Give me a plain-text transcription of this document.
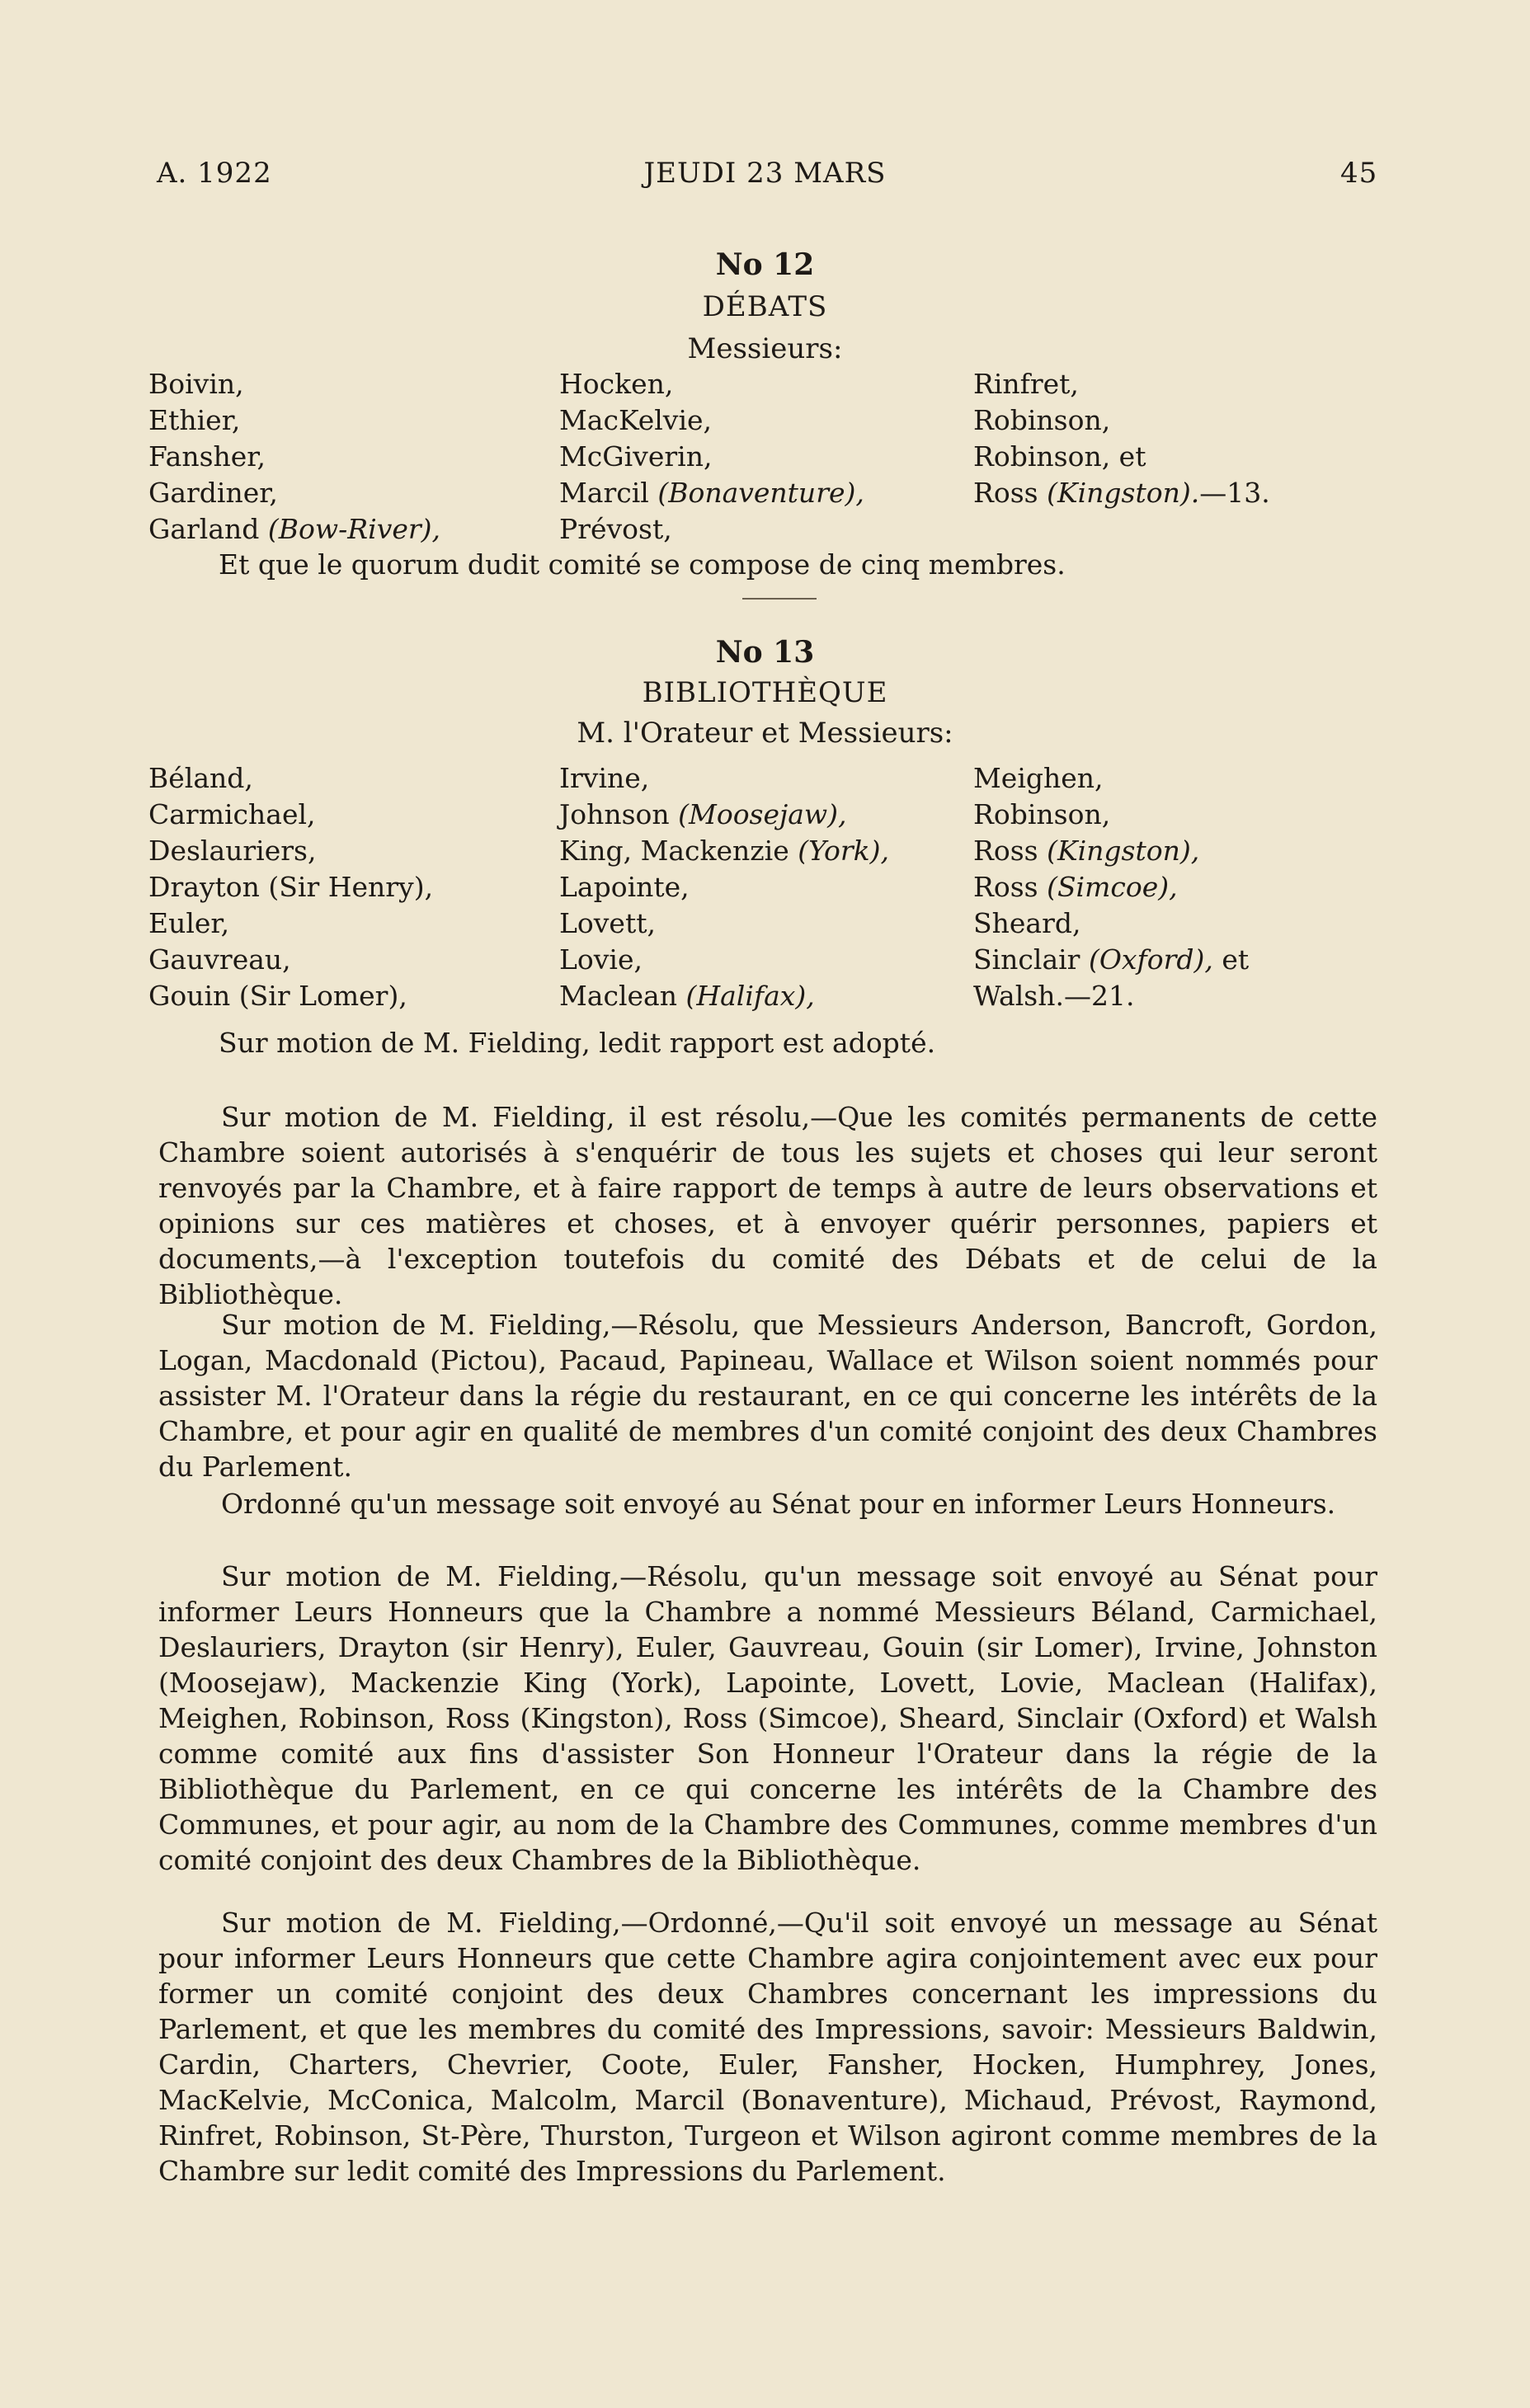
A. 1922	JEUDI 23 MARS	45
No 12
DÉBATS
Messieurs:
Boivin,
Ethier,
Fansher,
Gardiner,
Garland (Bow-River),
Hocken,
MacKelvie,
McGiverin,
Marcil (Bonaventure),
Prévost,
Rinfret,
Robinson,
Robinson, et
Ross (Kingston).—13.
Et que le quorum dudit comité se compose de cinq membres.
No 13
BIBLIOTHÈQUE
M. l'Orateur et Messieurs:
Béland,
Carmichael,
Deslauriers,
Drayton (Sir Henry),
Euler,
Gauvreau,
Gouin (Sir Lomer),
Irvine,
Johnson (Moosejaw),
King, Mackenzie (York),
Lapointe,
Lovett,
Lovie,
Maclean (Halifax),
Meighen,
Robinson,
Ross (Kingston),
Ross (Simcoe),
Sheard,
Sinclair (Oxford), et
Walsh.—21.
Sur motion de M. Fielding, ledit rapport est adopté.

Sur motion de M. Fielding, il est résolu,—Que les comités permanents de cette Chambre soient autorisés à s'enquérir de tous les sujets et choses qui leur seront renvoyés par la Chambre, et à faire rapport de temps à autre de leurs observations et opinions sur ces matières et choses, et à envoyer quérir personnes, papiers et documents,—à l'exception toutefois du comité des Débats et de celui de la Bibliothèque.

Sur motion de M. Fielding,—Résolu, que Messieurs Anderson, Bancroft, Gordon, Logan, Macdonald (Pictou), Pacaud, Papineau, Wallace et Wilson soient nommés pour assister M. l'Orateur dans la régie du restaurant, en ce qui concerne les intérêts de la Chambre, et pour agir en qualité de membres d'un comité conjoint des deux Chambres du Parlement.

Ordonné qu'un message soit envoyé au Sénat pour en informer Leurs Honneurs.

Sur motion de M. Fielding,—Résolu, qu'un message soit envoyé au Sénat pour informer Leurs Honneurs que la Chambre a nommé Messieurs Béland, Carmichael, Deslauriers, Drayton (sir Henry), Euler, Gauvreau, Gouin (sir Lomer), Irvine, Johnston (Moosejaw), Mackenzie King (York), Lapointe, Lovett, Lovie, Maclean (Halifax), Meighen, Robinson, Ross (Kingston), Ross (Simcoe), Sheard, Sinclair (Oxford) et Walsh comme comité aux fins d'assister Son Honneur l'Orateur dans la régie de la Bibliothèque du Parlement, en ce qui concerne les intérêts de la Chambre des Communes, et pour agir, au nom de la Chambre des Communes, comme membres d'un comité conjoint des deux Chambres de la Bibliothèque.

Sur motion de M. Fielding,—Ordonné,—Qu'il soit envoyé un message au Sénat pour informer Leurs Honneurs que cette Chambre agira conjointement avec eux pour former un comité conjoint des deux Chambres concernant les impressions du Parlement, et que les membres du comité des Impressions, savoir: Messieurs Baldwin, Cardin, Charters, Chevrier, Coote, Euler, Fansher, Hocken, Humphrey, Jones, MacKelvie, McConica, Malcolm, Marcil (Bonaventure), Michaud, Prévost, Raymond, Rinfret, Robinson, St-Père, Thurston, Turgeon et Wilson agiront comme membres de la Chambre sur ledit comité des Impressions du Parlement.
